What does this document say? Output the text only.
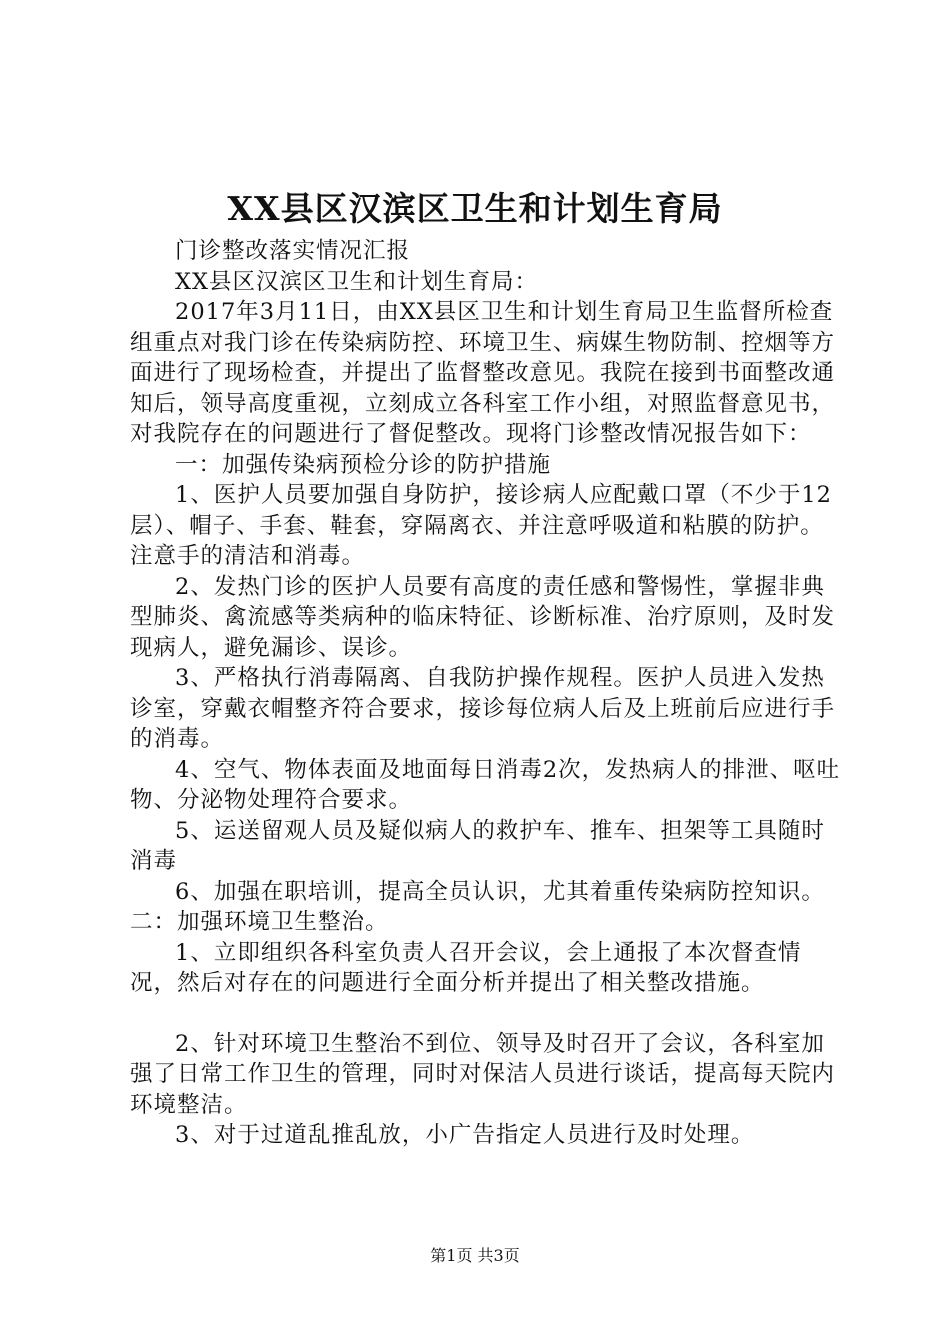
XX县区汉滨区卫生和计划生育局

门诊整改落实情况汇报

XX县区汉滨区卫生和计划生育局：

2017年3月11日，由XX县区卫生和计划生育局卫生监督所检查组重点对我门诊在传染病防控、环境卫生、病媒生物防制、控烟等方面进行了现场检查，并提出了监督整改意见。我院在接到书面整改通知后，领导高度重视，立刻成立各科室工作小组，对照监督意见书，对我院存在的问题进行了督促整改。现将门诊整改情况报告如下：

一：加强传染病预检分诊的防护措施

1、医护人员要加强自身防护，接诊病人应配戴口罩（不少于12层）、帽子、手套、鞋套，穿隔离衣、并注意呼吸道和粘膜的防护。注意手的清洁和消毒。

2、发热门诊的医护人员要有高度的责任感和警惕性，掌握非典型肺炎、禽流感等类病种的临床特征、诊断标准、治疗原则，及时发现病人，避免漏诊、误诊。

3、严格执行消毒隔离、自我防护操作规程。医护人员进入发热诊室，穿戴衣帽整齐符合要求，接诊每位病人后及上班前后应进行手的消毒。

4、空气、物体表面及地面每日消毒2次，发热病人的排泄、呕吐物、分泌物处理符合要求。

5、运送留观人员及疑似病人的救护车、推车、担架等工具随时消毒

6、加强在职培训，提高全员认识，尤其着重传染病防控知识。二：加强环境卫生整治。

1、立即组织各科室负责人召开会议，会上通报了本次督查情况，然后对存在的问题进行全面分析并提出了相关整改措施。

2、针对环境卫生整治不到位、领导及时召开了会议，各科室加强了日常工作卫生的管理，同时对保洁人员进行谈话，提高每天院内环境整洁。

3、对于过道乱推乱放，小广告指定人员进行及时处理。

第1页 共3页
